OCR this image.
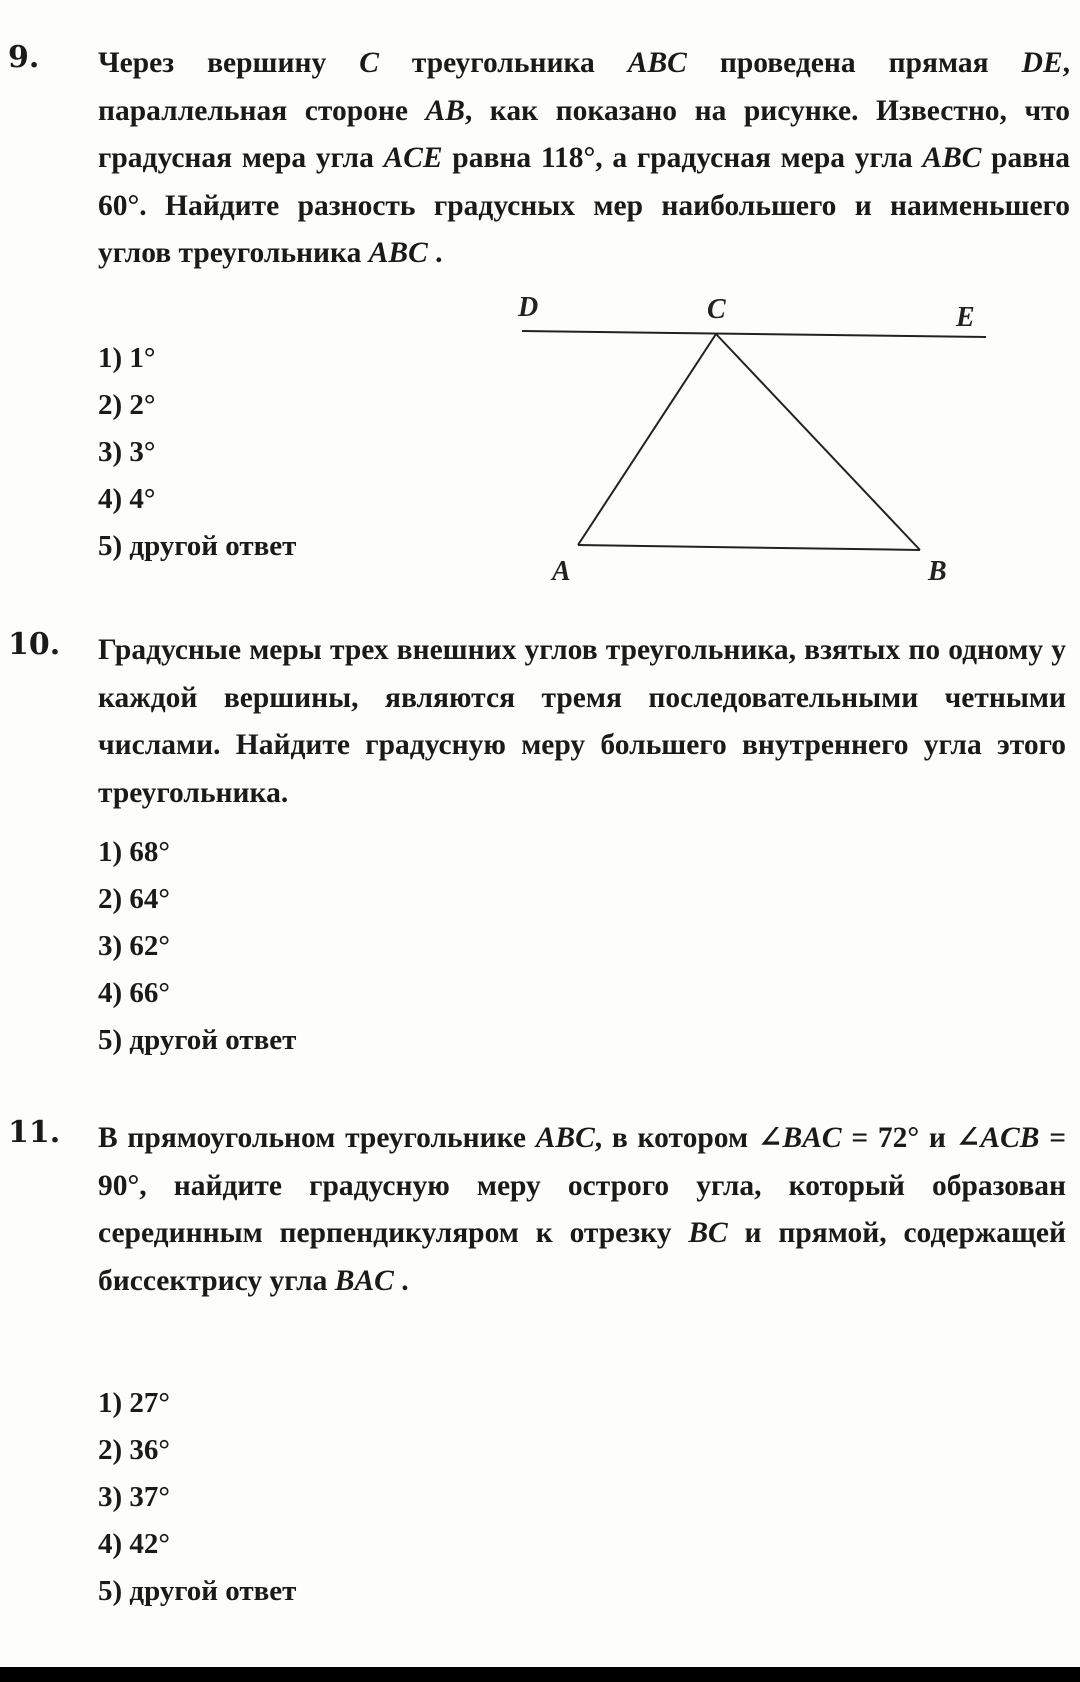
9. Через вершину C треугольника ABC проведена прямая DE, параллельная стороне AB, как показано на рисунке. Известно, что градусная мера угла ACE равна 118°, а градусная мера угла ABC равна 60°. Найдите разность градусных мер наибольшего и наименьшего углов треугольника ABC .
1) 1°
2) 2°
3) 3°
4) 4°
5) другой ответ
D	C	E
A	B
10. Градусные меры трех внешних углов треугольника, взятых по одному у каждой вершины, являются тремя последовательными четными числами. Найдите градусную меру большего внутреннего угла этого треугольника.
1) 68°
2) 64°
3) 62°
4) 66°
5) другой ответ
11. В прямоугольном треугольнике ABC, в котором ∠BAC = 72° и ∠ACB = 90°, найдите градусную меру острого угла, который образован серединным перпендикуляром к отрезку BC и прямой, содержащей биссектрису угла BAC .
1) 27°
2) 36°
3) 37°
4) 42°
5) другой ответ
